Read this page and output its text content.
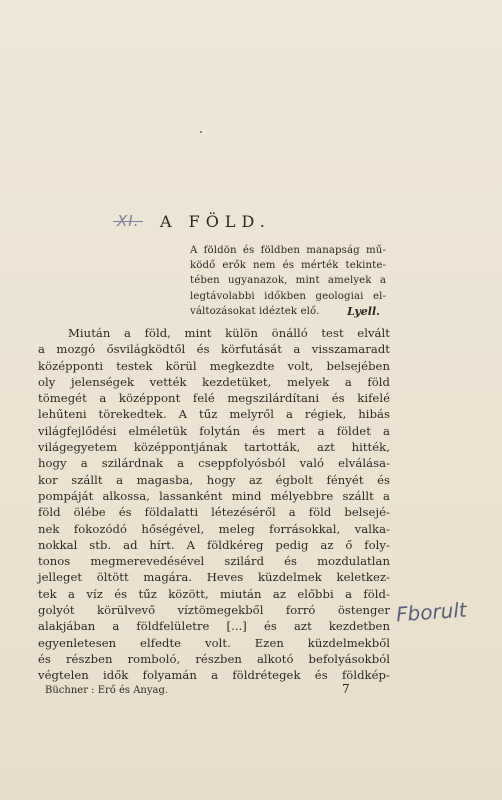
XI. A FÖLD.
A földön és földben manapság mű-ködő erők nem és mérték tekinte-tében ugyanazok, mint amelyek a legtávolabbi időkben geologiai el-változásokat idéztek elő.	Lyell.
Miután a föld, mint külön önálló test elvált
a mozgó ősvilágködtől és körfutását a visszamaradt
középponti testek körül megkezdte volt, belsejében
oly jelenségek vették kezdetüket, melyek a föld
tömegét a középpont felé megszilárdítani és kifelé
lehűteni törekedtek. A tűz melyről a régiek, hibás
világfejlődési elméletük folytán és mert a földet a
világegyetem középpontjának tartották, azt hitték,
hogy a szilárdnak a cseppfolyósból való elválása-
kor szállt a magasba, hogy az égbolt fényét és
pompáját alkossa, lassanként mind mélyebbre szállt a
föld ölébe és földalatti létezéséről a föld belsejé-
nek fokozódó hőségével, meleg forrásokkal, valka-
nokkal stb. ad hírt. A földkéreg pedig az ő foly-
tonos megmerevedésével szilárd és mozdulatlan
jelleget öltött magára. Heves küzdelmek keletkez-
tek a víz és tűz között, miután az előbbi a föld-
golyót körülvevő víztömegekből forró östenger
alakjában a földfelületre [...] és azt kezdetben
egyenletesen elfedte volt. Ezen küzdelmekből
és részben romboló, részben alkotó befolyásokból
végtelen idők folyamán a földrétegek és földkép-
Fborult
Büchner : Erő és Anyag.	7
